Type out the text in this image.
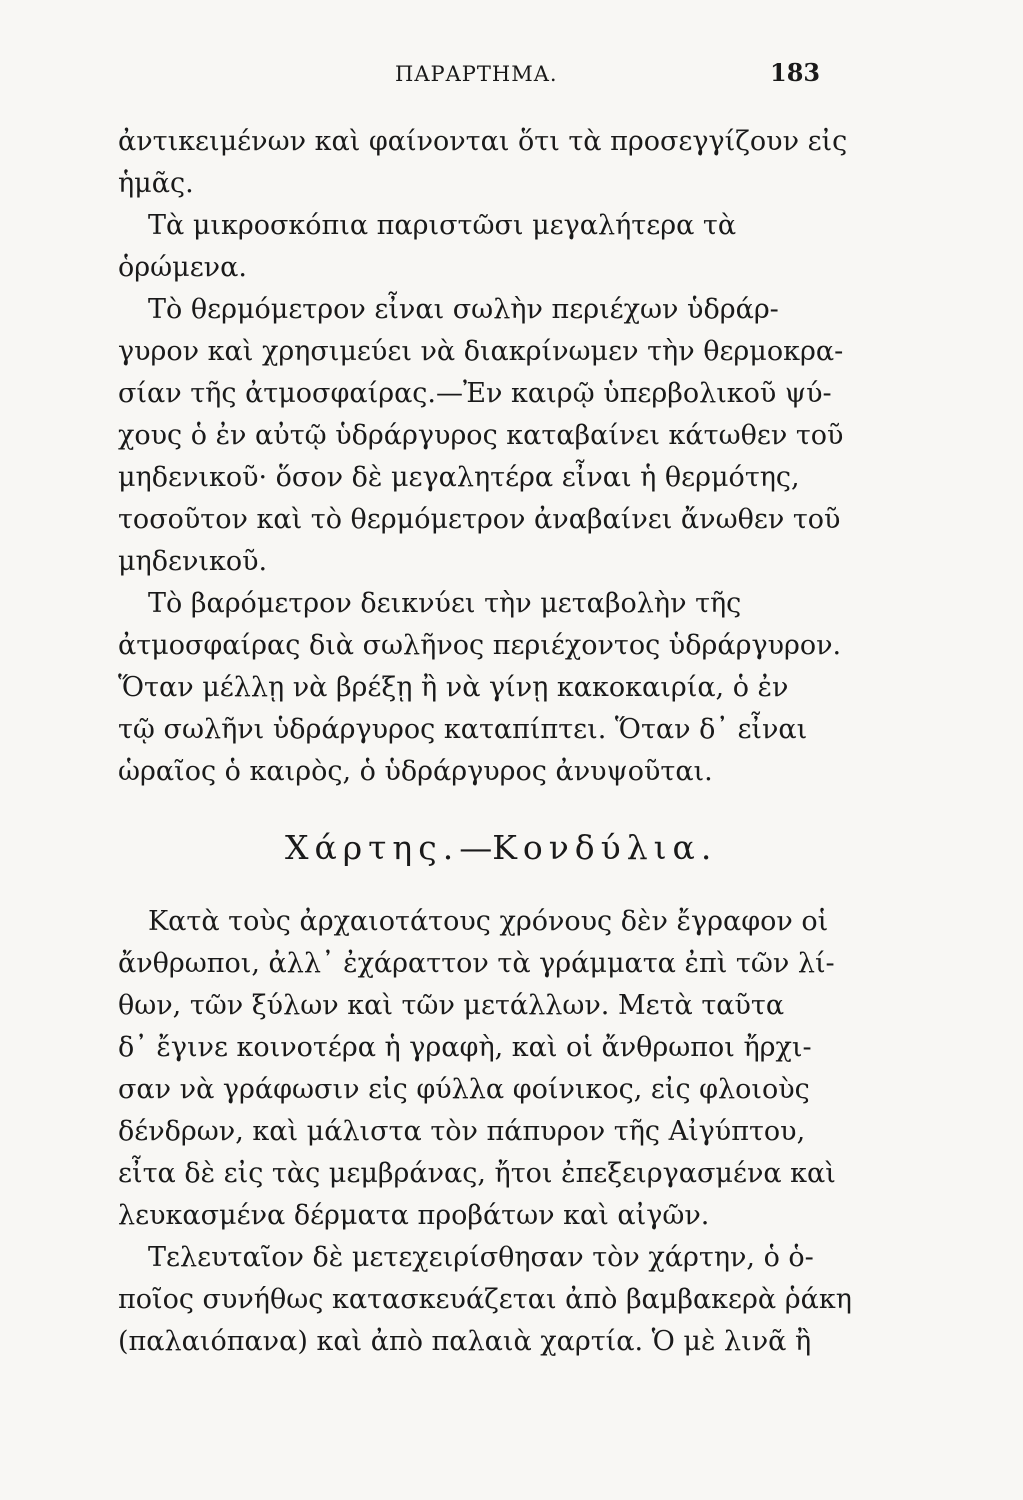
ΠΑΡΑΡΤΗΜΑ.	183
ἀντικειμένων καὶ φαίνονται ὅτι τὰ προσεγγίζουν εἰς
ἡμᾶς.
Τὰ μικροσκόπια παριστῶσι μεγαλήτερα τὰ
ὁρώμενα.
Τὸ θερμόμετρον εἶναι σωλὴν περιέχων ὑδράρ-
γυρον καὶ χρησιμεύει νὰ διακρίνωμεν τὴν θερμοκρα-
σίαν τῆς ἀτμοσφαίρας.—Ἐν καιρῷ ὑπερβολικοῦ ψύ-
χους ὁ ἐν αὐτῷ ὑδράργυρος καταβαίνει κάτωθεν τοῦ
μηδενικοῦ· ὅσον δὲ μεγαλητέρα εἶναι ἡ θερμότης,
τοσοῦτον καὶ τὸ θερμόμετρον ἀναβαίνει ἄνωθεν τοῦ
μηδενικοῦ.
Τὸ βαρόμετρον δεικνύει τὴν μεταβολὴν τῆς
ἀτμοσφαίρας διὰ σωλῆνος περιέχοντος ὑδράργυρον.
Ὅταν μέλλῃ νὰ βρέξῃ ἢ νὰ γίνῃ κακοκαιρία, ὁ ἐν
τῷ σωλῆνι ὑδράργυρος καταπίπτει. Ὅταν δ᾽ εἶναι
ὡραῖος ὁ καιρὸς, ὁ ὑδράργυρος ἀνυψοῦται.
Χάρτης.—Κονδύλια.
Κατὰ τοὺς ἀρχαιοτάτους χρόνους δὲν ἔγραφον οἱ
ἄνθρωποι, ἀλλ᾽ ἐχάραττον τὰ γράμματα ἐπὶ τῶν λί-
θων, τῶν ξύλων καὶ τῶν μετάλλων. Μετὰ ταῦτα
δ᾽ ἔγινε κοινοτέρα ἡ γραφὴ, καὶ οἱ ἄνθρωποι ἤρχι-
σαν νὰ γράφωσιν εἰς φύλλα φοίνικος, εἰς φλοιοὺς
δένδρων, καὶ μάλιστα τὸν πάπυρον τῆς Αἰγύπτου,
εἶτα δὲ εἰς τὰς μεμβράνας, ἤτοι ἐπεξειργασμένα καὶ
λευκασμένα δέρματα προβάτων καὶ αἰγῶν.
Τελευταῖον δὲ μετεχειρίσθησαν τὸν χάρτην, ὁ ὁ-
ποῖος συνήθως κατασκευάζεται ἀπὸ βαμβακερὰ ῥάκη
(παλαιόπανα) καὶ ἀπὸ παλαιὰ χαρτία. Ὁ μὲ λινᾶ ἢ
